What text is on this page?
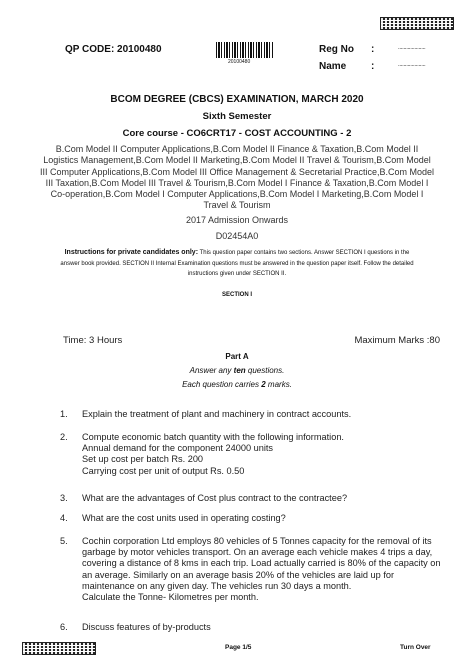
QP CODE: 20100480
20100480
Reg No :	....................
Name :	....................
BCOM DEGREE (CBCS) EXAMINATION, MARCH 2020
Sixth Semester
Core course - CO6CRT17 - COST ACCOUNTING - 2
B.Com Model II Computer Applications,B.Com Model II Finance & Taxation,B.Com Model II
Logistics Management,B.Com Model II Marketing,B.Com Model II Travel & Tourism,B.Com Model
III Computer Applications,B.Com Model III Office Management & Secretarial Practice,B.Com Model
III Taxation,B.Com Model III Travel & Tourism,B.Com Model I Finance & Taxation,B.Com Model I
Co-operation,B.Com Model I Computer Applications,B.Com Model I Marketing,B.Com Model I
Travel & Tourism
2017 Admission Onwards
D02454A0
Instructions for private candidates only: This question paper contains two sections. Answer SECTION I questions in the
answer book provided. SECTION II Internal Examination questions must be answered in the question paper itself. Follow the detailed
instructions given under SECTION II.
SECTION I
Time: 3 Hours	Maximum Marks :80
Part A
Answer any ten questions.
Each question carries 2 marks.
1. Explain the treatment of plant and machinery in contract accounts.
2. Compute economic batch quantity with the following information.
Annual demand for the component 24000 units
Set up cost per batch Rs. 200
Carrying cost per unit of output Rs. 0.50
3. What are the advantages of Cost plus contract to the contractee?
4. What are the cost units used in operating costing?
5. Cochin corporation Ltd employs 80 vehicles of 5 Tonnes capacity for the removal of its
garbage by motor vehicles transport. On an average each vehicle makes 4 trips a day,
covering a distance of 8 kms in each trip. Load actually carried is 80% of the capacity on
an average. Similarly on an average basis 20% of the vehicles are laid up for
maintenance on any given day. The vehicles run 30 days a month.
Calculate the Tonne- Kilometres per month.
6. Discuss features of by-products
Page 1/5	Turn Over
